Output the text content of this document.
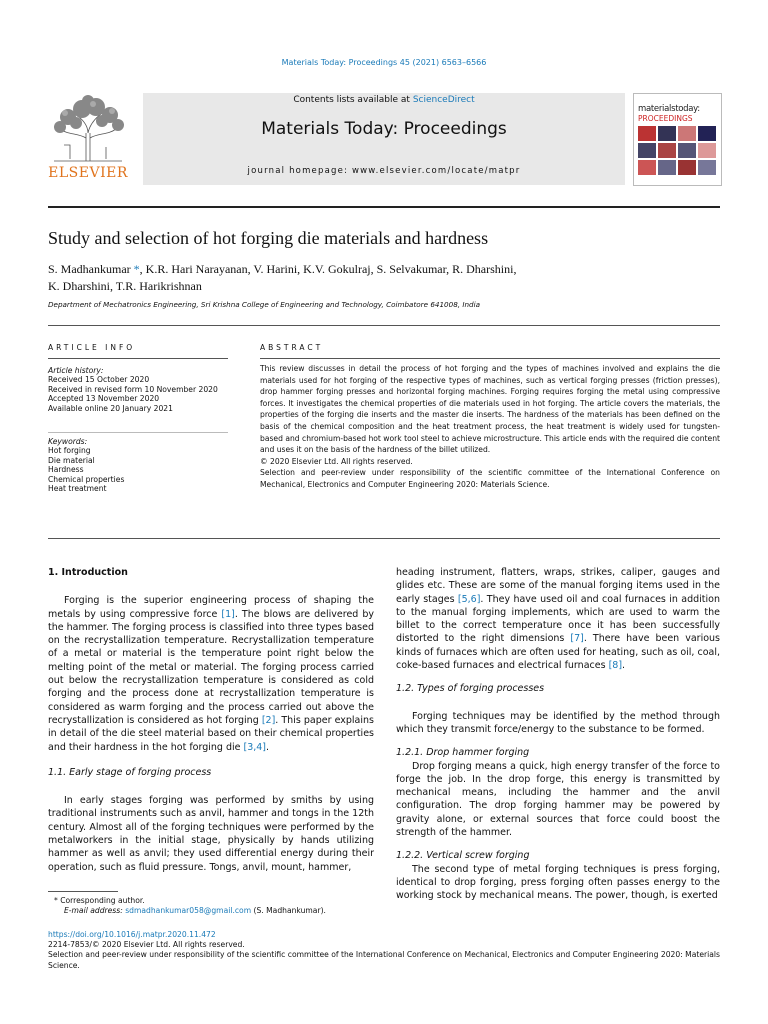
Materials Today: Proceedings 45 (2021) 6563–6566
ELSEVIER
Contents lists available at ScienceDirect
Materials Today: Proceedings
journal homepage: www.elsevier.com/locate/matpr
materialstoday:
PROCEEDINGS
Study and selection of hot forging die materials and hardness
S. Madhankumar *, K.R. Hari Narayanan, V. Harini, K.V. Gokulraj, S. Selvakumar, R. Dharshini,
K. Dharshini, T.R. Harikrishnan
Department of Mechatronics Engineering, Sri Krishna College of Engineering and Technology, Coimbatore 641008, India
ARTICLE INFO
Article history:
Received 15 October 2020
Received in revised form 10 November 2020
Accepted 13 November 2020
Available online 20 January 2021
Keywords:
Hot forging
Die material
Hardness
Chemical properties
Heat treatment
ABSTRACT
This review discusses in detail the process of hot forging and the types of machines involved and explains the die materials used for hot forging of the respective types of machines, such as vertical forging presses (friction presses), drop hammer forging presses and horizontal forging machines. Forging requires forging the metal using compressive forces. It investigates the chemical properties of die materials used in hot forging. The article covers the materials, the properties of the forging die inserts and the master die inserts. The hardness of the materials has been defined on the basis of the chemical composition and the heat treatment process, the heat treatment is widely used for tungsten-based and chromium-based hot work tool steel to achieve microstructure. This article ends with the required die content and uses it on the basis of the hardness of the billet utilized.
© 2020 Elsevier Ltd. All rights reserved.
Selection and peer-review under responsibility of the scientific committee of the International Conference on Mechanical, Electronics and Computer Engineering 2020: Materials Science.
1. Introduction

Forging is the superior engineering process of shaping the metals by using compressive force [1]. The blows are delivered by the hammer. The forging process is classified into three types based on the recrystallization temperature. Recrystallization temperature of a metal or material is the temperature point right below the melting point of the metal or material. The forging process carried out below the recrystallization temperature is considered as cold forging and the process done at recrystallization temperature is considered as warm forging and the process carried out above the recrystallization is considered as hot forging [2]. This paper explains in detail of the die steel material based on their chemical properties and their hardness in the hot forging die [3,4].

1.1. Early stage of forging process

In early stages forging was performed by smiths by using traditional instruments such as anvil, hammer and tongs in the 12th century. Almost all of the forging techniques were performed by the metalworkers in the initial stage, physically by hands utilizing hammer as well as anvil; they used differential energy during their operation, such as fluid pressure. Tongs, anvil, mount, hammer,

heading instrument, flatters, wraps, strikes, caliper, gauges and glides etc. These are some of the manual forging items used in the early stages [5,6]. They have used oil and coal furnaces in addition to the manual forging implements, which are used to warm the billet to the correct temperature once it has been successfully distorted to the right dimensions [7]. There have been various kinds of furnaces which are often used for heating, such as oil, coal, coke-based furnaces and electrical furnaces [8].

1.2. Types of forging processes

Forging techniques may be identified by the method through which they transmit force/energy to the substance to be formed.

1.2.1. Drop hammer forging

Drop forging means a quick, high energy transfer of the force to forge the job. In the drop forge, this energy is transmitted by mechanical means, including the hammer and the anvil configuration. The drop forging hammer may be powered by gravity alone, or external sources that force could boost the strength of the hammer.

1.2.2. Vertical screw forging

The second type of metal forging techniques is press forging, identical to drop forging, press forging often passes energy to the working stock by mechanical means. The power, though, is exerted

* Corresponding author.
E-mail address: sdmadhankumar058@gmail.com (S. Madhankumar).
https://doi.org/10.1016/j.matpr.2020.11.472
2214-7853/© 2020 Elsevier Ltd. All rights reserved.
Selection and peer-review under responsibility of the scientific committee of the International Conference on Mechanical, Electronics and Computer Engineering 2020: Materials Science.
